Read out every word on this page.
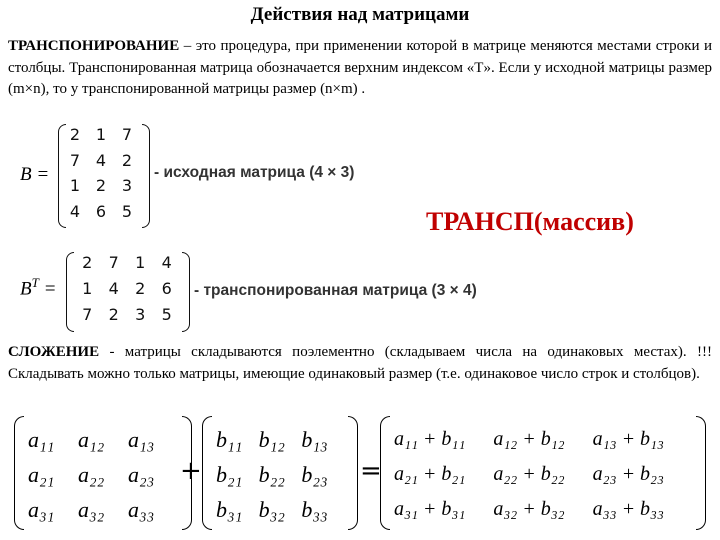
Действия над матрицами
ТРАНСПОНИРОВАНИЕ – это процедура, при применении которой в матрице меняются местами строки и столбцы. Транспонированная матрица обозначается верхним индексом «T». Если у исходной матрицы размер (m×n), то у транспонированной матрицы размер (n×m) .
B =
2 1 7
7 4 2
1 2 3
4 6 5
- исходная матрица (4 × 3)
ТРАНСП(массив)
$B^T$ =
2	7	1	4
1	4	2	6
7	2	3	5
- транспонированная матрица (3 × 4)
СЛОЖЕНИЕ - матрицы складываются поэлементно (складываем числа на одинаковых местах). !!! Складывать можно только матрицы, имеющие одинаковый размер (т.е. одинаковое число строк и столбцов).
a₁₁	a₁₂	a₁₃
a₂₁	a₂₂	a₂₃
a₃₁	a₃₂	a₃₃
+
b₁₁ b₁₂ b₁₃
b₂₁ b₂₂ b₂₃
b₃₁ b₃₂ b₃₃
=
a₁₁ + b₁₁	a₁₂ + b₁₂	a₁₃ + b₁₃
a₂₁ + b₂₁	a₂₂ + b₂₂	a₂₃ + b₂₃
a₃₁ + b₃₁	a₃₂ + b₃₂	a₃₃ + b₃₃
